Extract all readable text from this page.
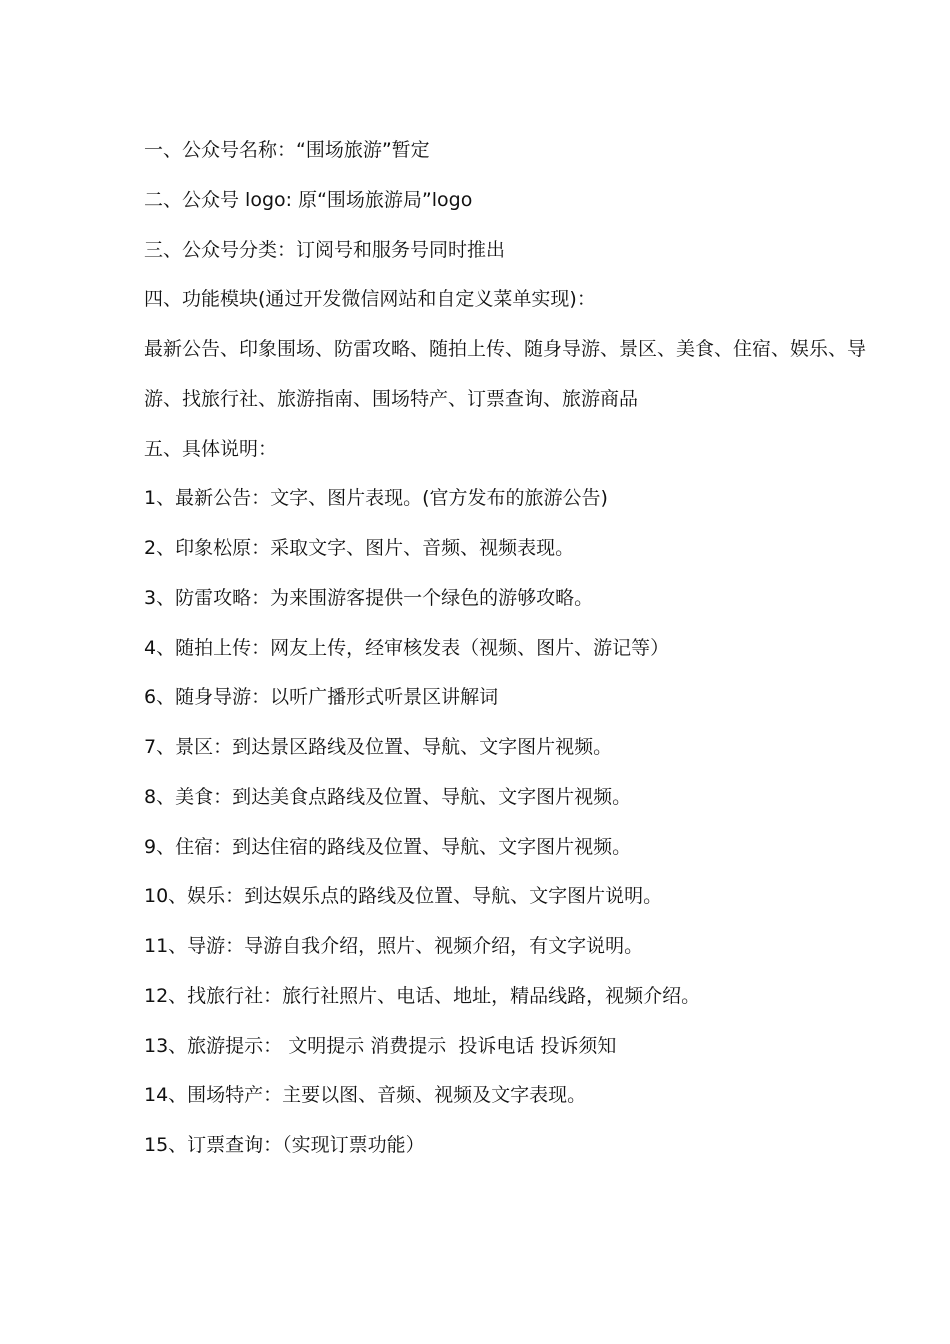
一、公众号名称：“围场旅游”暂定
二、公众号 logo: 原“围场旅游局”logo
三、公众号分类：订阅号和服务号同时推出
四、功能模块(通过开发微信网站和自定义菜单实现)：
最新公告、印象围场、防雷攻略、随拍上传、随身导游、景区、美食、住宿、娱乐、导
游、找旅行社、旅游指南、围场特产、订票查询、旅游商品
五、具体说明：
1、最新公告：文字、图片表现。(官方发布的旅游公告)
2、印象松原：采取文字、图片、音频、视频表现。
3、防雷攻略：为来围游客提供一个绿色的游够攻略。
4、随拍上传：网友上传，经审核发表（视频、图片、游记等）
6、随身导游：以听广播形式听景区讲解词
7、景区：到达景区路线及位置、导航、文字图片视频。
8、美食：到达美食点路线及位置、导航、文字图片视频。
9、住宿：到达住宿的路线及位置、导航、文字图片视频。
10、娱乐：到达娱乐点的路线及位置、导航、文字图片说明。
11、导游：导游自我介绍，照片、视频介绍，有文字说明。
12、找旅行社：旅行社照片、电话、地址，精品线路，视频介绍。
13、旅游提示： 文明提示 消费提示  投诉电话 投诉须知
14、围场特产：主要以图、音频、视频及文字表现。
15、订票查询：（实现订票功能）
